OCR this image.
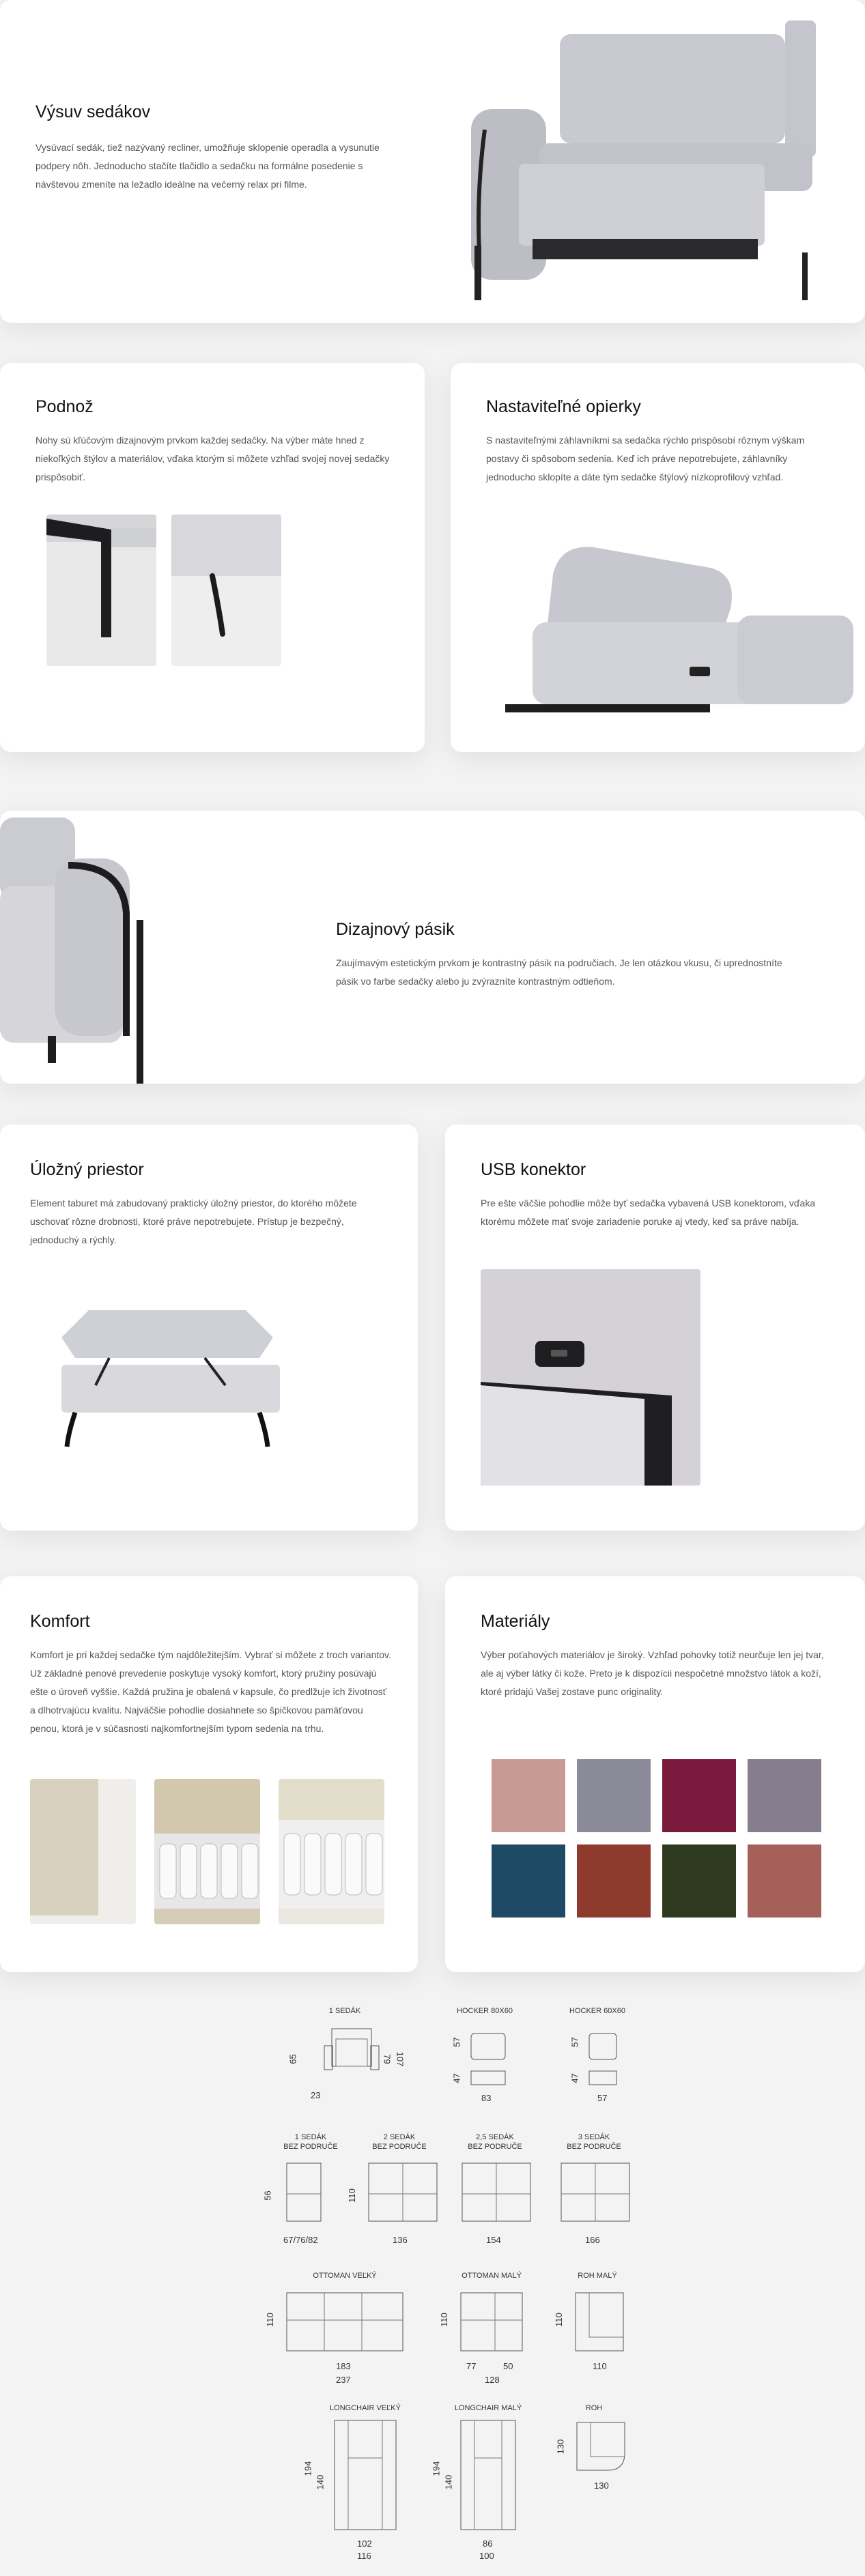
Výsuv sedákov
Vysúvací sedák, tiež nazývaný recliner, umožňuje sklopenie operadla a vysunutie podpery nôh. Jednoducho stačíte tlačidlo a sedačku na formálne posedenie s návštevou zmeníte na ležadlo ideálne na večerný relax pri filme.
Podnož
Nohy sú kľúčovým dizajnovým prvkom každej sedačky. Na výber máte hned z niekoľkých štýlov a materiálov, vďaka ktorým si môžete vzhľad svojej novej sedačky prispôsobiť.
Nastaviteľné opierky
S nastaviteľnými záhlavníkmi sa sedačka rýchlo prispôsobí rôznym výškam postavy či spôsobom sedenia. Keď ich práve nepotrebujete, záhlavníky jednoducho sklopíte a dáte tým sedačke štýlový nízkoprofilový vzhľad.
Dizajnový pásik
Zaujímavým estetickým prvkom je kontrastný pásik na područiach. Je len otázkou vkusu, či uprednostníte pásik vo farbe sedačky alebo ju zvýrazníte kontrastným odtieňom.
Úložný priestor
Element taburet má zabudovaný praktický úložný priestor, do ktorého môžete uschovať rôzne drobnosti, ktoré práve nepotrebujete. Prístup je bezpečný, jednoduchý a rýchly.
USB konektor
Pre ešte väčšie pohodlie môže byť sedačka vybavená USB konektorom, vďaka ktorému môžete mať svoje zariadenie poruke aj vtedy, keď sa práve nabíja.
Komfort
Komfort je pri každej sedačke tým najdôležitejším. Vybrať si môžete z troch variantov. Už základné penové prevedenie poskytuje vysoký komfort, ktorý pružiny posúvajú ešte o úroveň vyššie. Každá pružina je obalená v kapsule, čo predlžuje ich životnosť a dlhotrvajúcu kvalitu. Najväčšie pohodlie dosiahnete so špičkovou pamäťovou penou, ktorá je v súčasnosti najkomfortnejším typom sedenia na trhu.
Materiály
Výber poťahových materiálov je široký. Vzhľad pohovky totiž neurčuje len jej tvar, ale aj výber látky či kože. Preto je k dispozícii nespočetné množstvo látok a koží, ktoré pridajú Vašej zostave punc originality.
1 SEDÁK
65	79 107
23
HOCKER 80X60
57
47
83
HOCKER 60X60
57
47
57
1 SEDÁK
BEZ PODRUČE
56
67/76/82
2 SEDÁK
BEZ PODRUČE
110
136
2,5 SEDÁK
BEZ PODRUČE
154
3 SEDÁK
BEZ PODRUČE
166
OTTOMAN VEĽKÝ
110
183
237
OTTOMAN MALÝ
110
77	50
128
ROH MALÝ
110
110
LONGCHAIR VEĽKÝ
194
140
102
116
LONGCHAIR MALÝ
194
140
86
100
ROH
130
130
